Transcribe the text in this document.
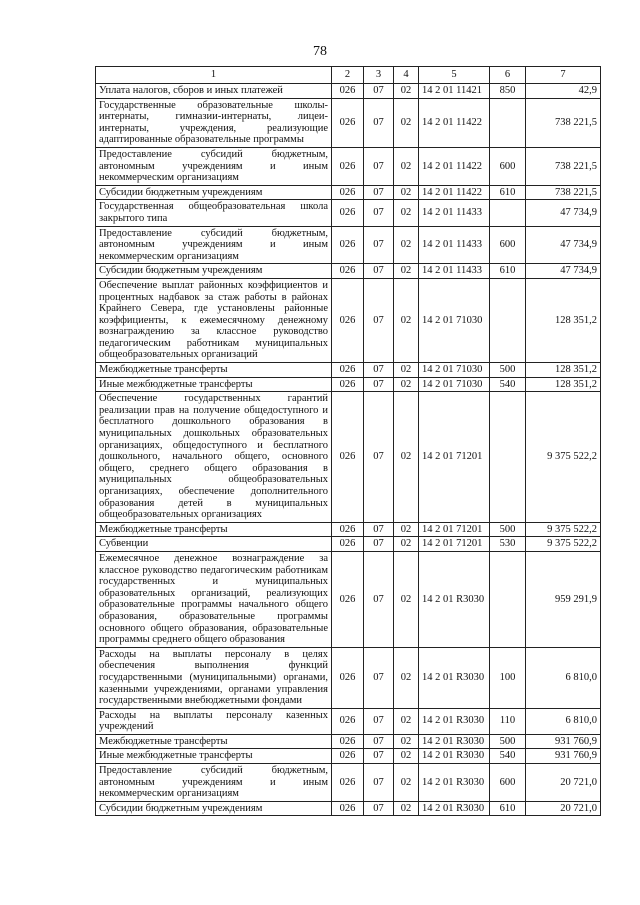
78
1	2	3	4	5	6	7
Уплата налогов, сборов и иных платежей	026	07	02	14 2 01 11421	850	42,9
Государственные образовательные школы-интернаты, гимназии-интернаты, лицеи-интернаты, учреждения, реализующие адаптированные образовательные программы	026	07	02	14 2 01 11422		738 221,5
Предоставление субсидий бюджетным, автономным учреждениям и иным некоммерческим организациям	026	07	02	14 2 01 11422	600	738 221,5
Субсидии бюджетным учреждениям	026	07	02	14 2 01 11422	610	738 221,5
Государственная общеобразовательная школа закрытого типа	026	07	02	14 2 01 11433		47 734,9
Предоставление субсидий бюджетным, автономным учреждениям и иным некоммерческим организациям	026	07	02	14 2 01 11433	600	47 734,9
Субсидии бюджетным учреждениям	026	07	02	14 2 01 11433	610	47 734,9
Обеспечение выплат районных коэффициентов и процентных надбавок за стаж работы в районах Крайнего Севера, где установлены районные коэффициенты, к ежемесячному денежному вознаграждению за классное руководство педагогическим работникам муниципальных общеобразовательных организаций	026	07	02	14 2 01 71030		128 351,2
Межбюджетные трансферты	026	07	02	14 2 01 71030	500	128 351,2
Иные межбюджетные трансферты	026	07	02	14 2 01 71030	540	128 351,2
Обеспечение государственных гарантий реализации прав на получение общедоступного и бесплатного дошкольного образования в муниципальных дошкольных образовательных организациях, общедоступного и бесплатного дошкольного, начального общего, основного общего, среднего общего образования в муниципальных общеобразовательных организациях, обеспечение дополнительного образования детей в муниципальных общеобразовательных организациях	026	07	02	14 2 01 71201		9 375 522,2
Межбюджетные трансферты	026	07	02	14 2 01 71201	500	9 375 522,2
Субвенции	026	07	02	14 2 01 71201	530	9 375 522,2
Ежемесячное денежное вознаграждение за классное руководство педагогическим работникам государственных и муниципальных образовательных организаций, реализующих образовательные программы начального общего образования, образовательные программы основного общего образования, образовательные программы среднего общего образования	026	07	02	14 2 01 R3030		959 291,9
Расходы на выплаты персоналу в целях обеспечения выполнения функций государственными (муниципальными) органами, казенными учреждениями, органами управления государственными внебюджетными фондами	026	07	02	14 2 01 R3030	100	6 810,0
Расходы на выплаты персоналу казенных учреждений	026	07	02	14 2 01 R3030	110	6 810,0
Межбюджетные трансферты	026	07	02	14 2 01 R3030	500	931 760,9
Иные межбюджетные трансферты	026	07	02	14 2 01 R3030	540	931 760,9
Предоставление субсидий бюджетным, автономным учреждениям и иным некоммерческим организациям	026	07	02	14 2 01 R3030	600	20 721,0
Субсидии бюджетным учреждениям	026	07	02	14 2 01 R3030	610	20 721,0
